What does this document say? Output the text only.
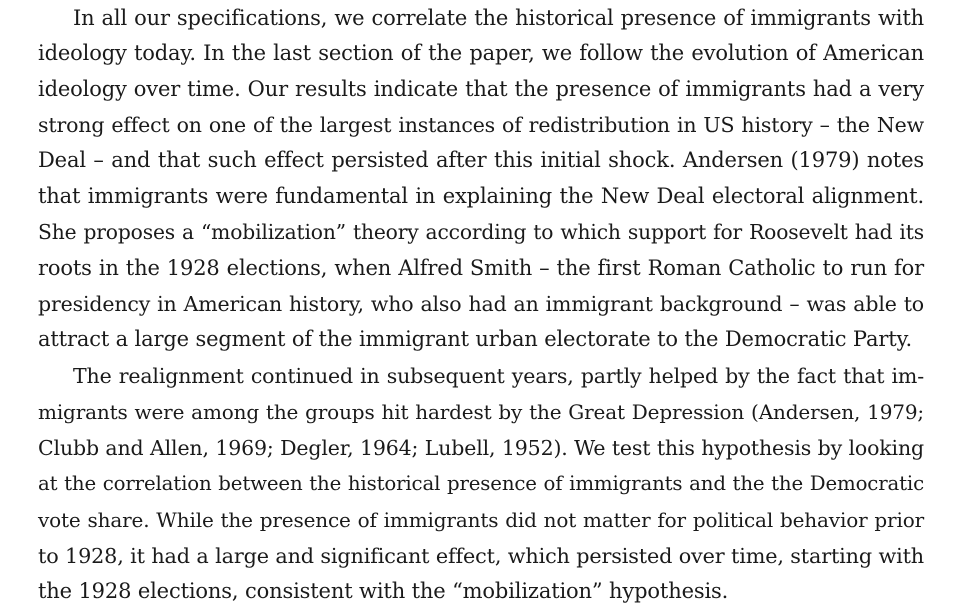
In all our specifications, we correlate the historical presence of immigrants with
ideology today. In the last section of the paper, we follow the evolution of American
ideology over time. Our results indicate that the presence of immigrants had a very
strong effect on one of the largest instances of redistribution in US history – the New
Deal – and that such effect persisted after this initial shock. Andersen (1979) notes
that immigrants were fundamental in explaining the New Deal electoral alignment.
She proposes a “mobilization” theory according to which support for Roosevelt had its
roots in the 1928 elections, when Alfred Smith – the first Roman Catholic to run for
presidency in American history, who also had an immigrant background – was able to
attract a large segment of the immigrant urban electorate to the Democratic Party.
The realignment continued in subsequent years, partly helped by the fact that im-
migrants were among the groups hit hardest by the Great Depression (Andersen, 1979;
Clubb and Allen, 1969; Degler, 1964; Lubell, 1952). We test this hypothesis by looking
at the correlation between the historical presence of immigrants and the the Democratic
vote share. While the presence of immigrants did not matter for political behavior prior
to 1928, it had a large and significant effect, which persisted over time, starting with
the 1928 elections, consistent with the “mobilization” hypothesis.
